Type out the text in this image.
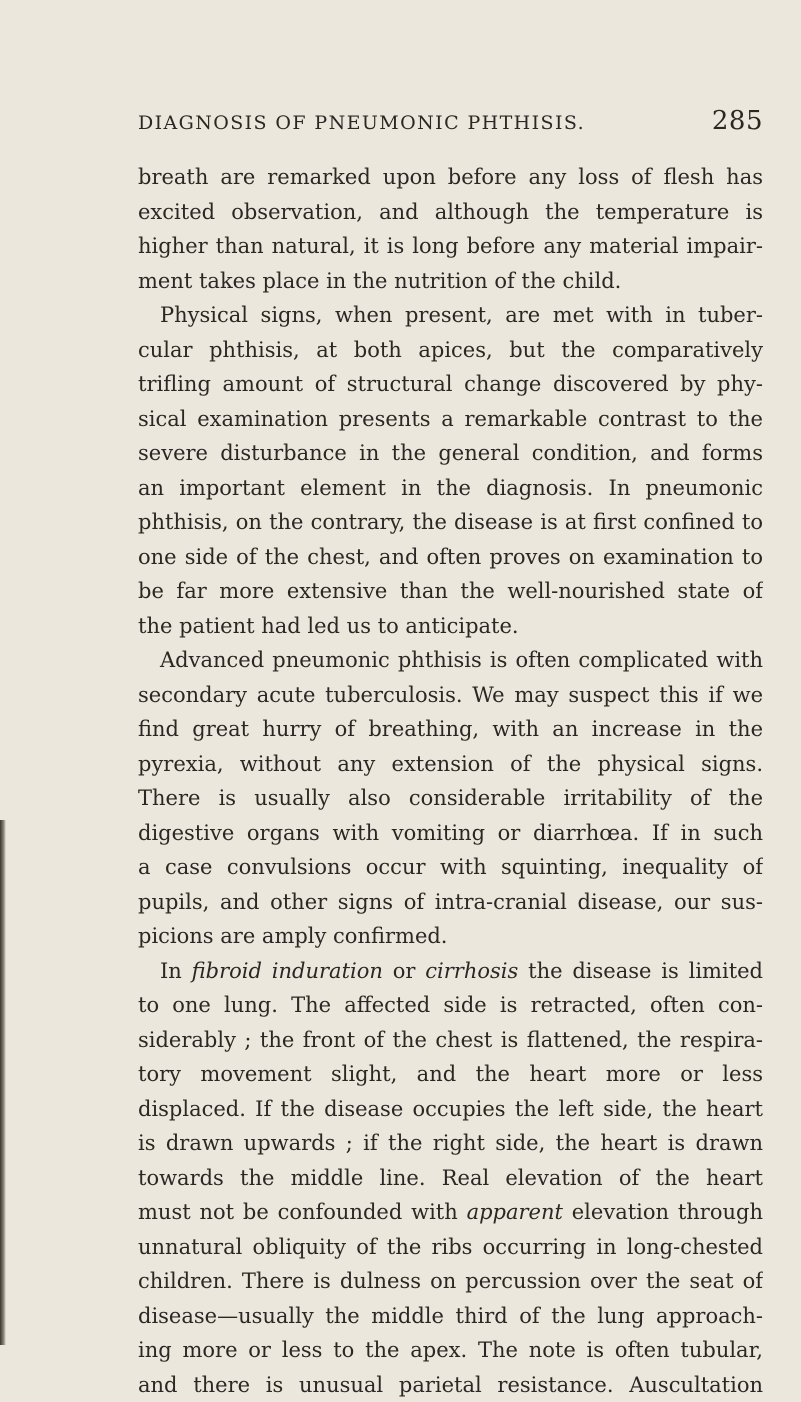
DIAGNOSIS OF PNEUMONIC PHTHISIS.	285
breath are remarked upon before any loss of flesh has
excited observation, and although the temperature is
higher than natural, it is long before any material impair-
ment takes place in the nutrition of the child.
Physical signs, when present, are met with in tuber-
cular phthisis, at both apices, but the comparatively
trifling amount of structural change discovered by phy-
sical examination presents a remarkable contrast to the
severe disturbance in the general condition, and forms
an important element in the diagnosis. In pneumonic
phthisis, on the contrary, the disease is at first confined to
one side of the chest, and often proves on examination to
be far more extensive than the well-nourished state of
the patient had led us to anticipate.
Advanced pneumonic phthisis is often complicated with
secondary acute tuberculosis. We may suspect this if we
find great hurry of breathing, with an increase in the
pyrexia, without any extension of the physical signs.
There is usually also considerable irritability of the
digestive organs with vomiting or diarrhœa. If in such
a case convulsions occur with squinting, inequality of
pupils, and other signs of intra-cranial disease, our sus-
picions are amply confirmed.
In fibroid induration or cirrhosis the disease is limited
to one lung. The affected side is retracted, often con-
siderably ; the front of the chest is flattened, the respira-
tory movement slight, and the heart more or less
displaced. If the disease occupies the left side, the heart
is drawn upwards ; if the right side, the heart is drawn
towards the middle line. Real elevation of the heart
must not be confounded with apparent elevation through
unnatural obliquity of the ribs occurring in long-chested
children. There is dulness on percussion over the seat of
disease—usually the middle third of the lung approach-
ing more or less to the apex. The note is often tubular,
and there is unusual parietal resistance. Auscultation
